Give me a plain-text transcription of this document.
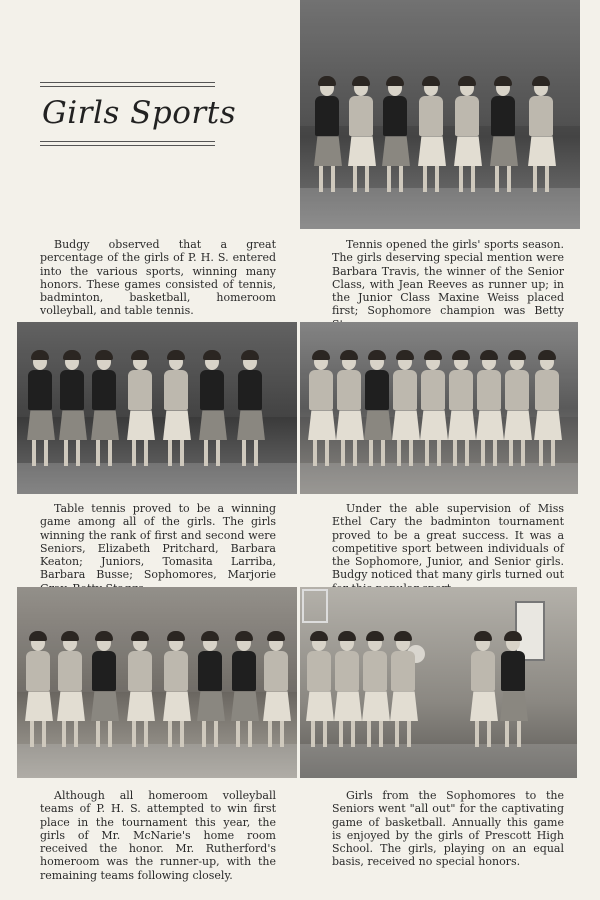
Girls Sports

Budgy observed that a great percentage of the girls of P. H. S. entered into the various sports, winning many honors. These games consisted of tennis, badminton, basketball, homeroom volleyball, and table tennis.

Tennis opened the girls' sports season. The girls deserving special mention were Barbara Travis, the winner of the Senior Class, with Jean Reeves as runner up; in the Junior Class Maxine Weiss placed first; Sophomore champion was Betty

Table tennis proved to be a winning game among all of the girls. The girls winning the rank of first and second were Seniors, Elizabeth Pritchard, Barbara Keaton; Juniors, Tomasita Larriba, Barbara Busse; Sophomores, Marjorie

Under the able supervision of Miss Ethel Cary the badminton tournament proved to be a great success. It was a competitive sport between individuals of the Sophomore, Junior, and Senior girls. Budgy noticed that many girls turned out

Although all homeroom volleyball teams of P. H. S. attempted to win first place in the tournament this year, the girls of Mr. McNarie's home room received the honor. Mr. Rutherford's homeroom was the runner-up, with the remaining teams following closely.

Girls from the Sophomores to the Seniors went "all out" for the captivating game of basketball. Annually this game is enjoyed by the girls of Prescott High School. The girls, playing on an equal basis, received no special honors.
